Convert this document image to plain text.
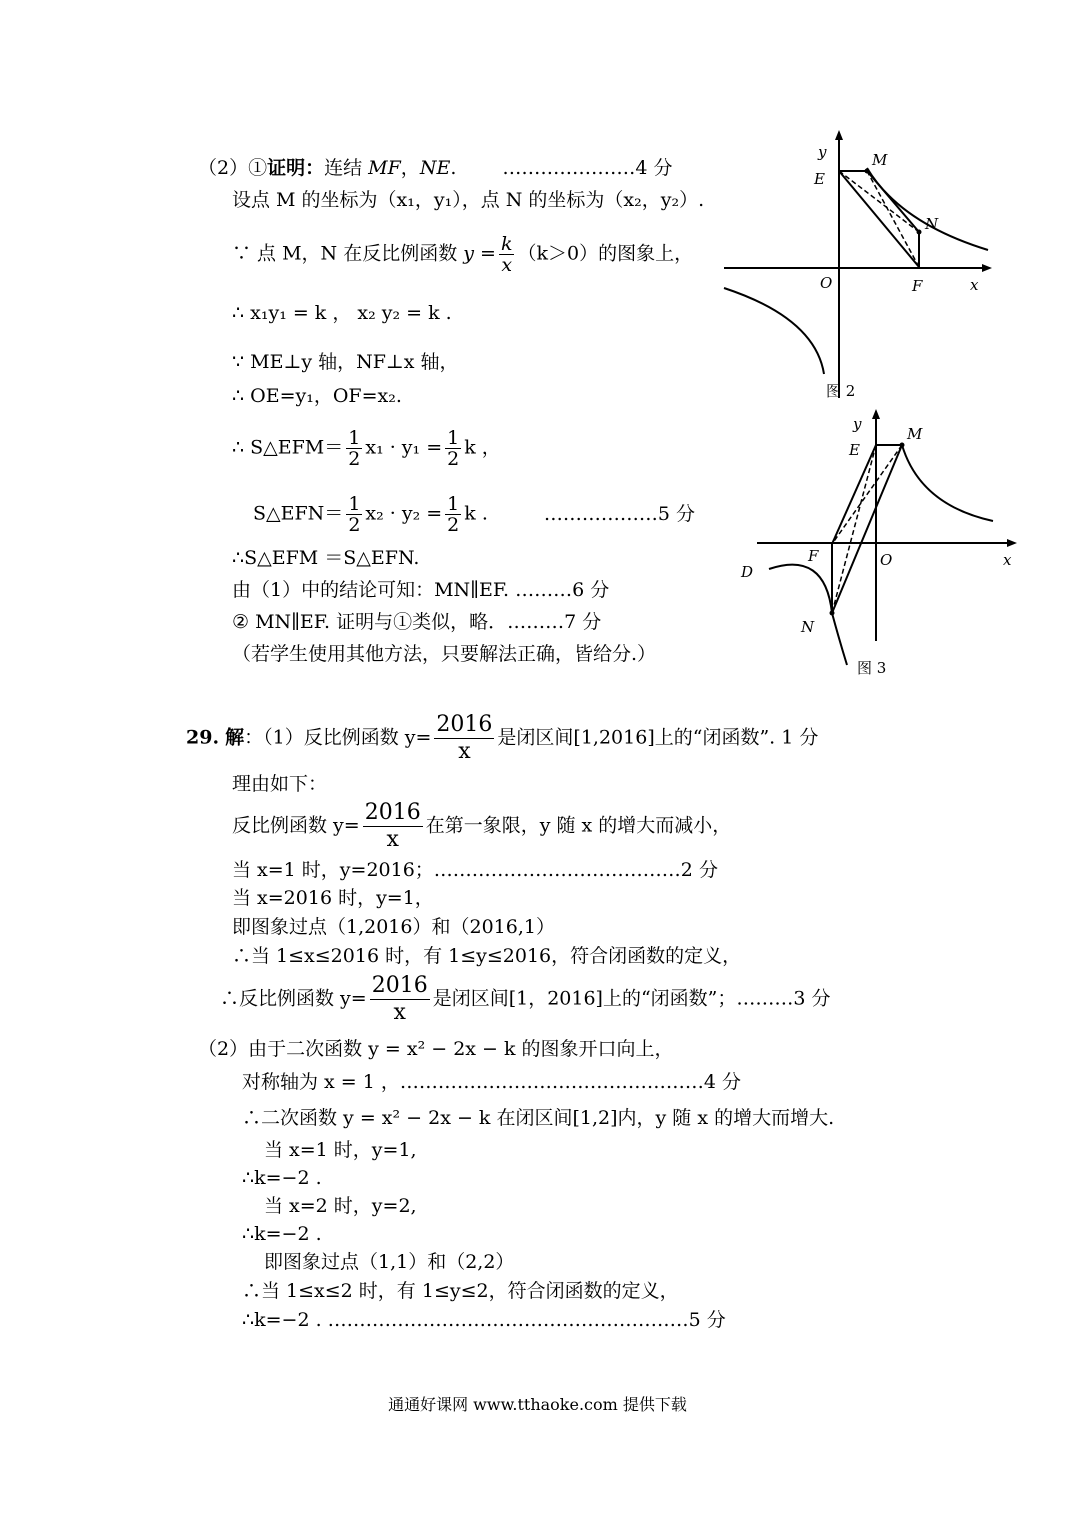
（2）①证明：连结 MF，NE. …………………4 分
设点 M 的坐标为（x₁，y₁），点 N 的坐标为（x₂，y₂）.
∵ 点 M，N 在反比例函数 $y = \frac{k}{x} (k>0)$的图象上，
∴ x₁y₁ = k ， x₂ y₂ = k .
∵ ME⊥y 轴，NF⊥x 轴，
∴ OE=y₁，OF=x₂.
∴ S△EFM＝ $\frac{1}{2} x_1 \cdot y_1 = \frac{1}{2}$ k ，
S△EFN＝ $\frac{1}{2} x_2 \cdot y_2 = \frac{1}{2}$ k .	………………5 分
∴S△EFM ＝S△EFN.
由（1）中的结论可知：MN∥EF. ………6 分
② MN∥EF. 证明与①类似，略．………7 分
（若学生使用其他方法，只要解法正确，皆给分.）
y
x
O
E
M
N
F
图 2
y
x
O
E
M
N
F
D
图 3
29. 解：（1）反比例函数 $y= \frac{2016}{x}$ 是闭区间[1,2016]上的“闭函数”. 1 分
理由如下：
反比例函数 $y= \frac{2016}{x}$ 在第一象限，y 随 x 的增大而减小，
当 x=1 时，y=2016；…………………………………2 分
当 x=2016 时，y=1，
即图象过点（1,2016）和（2016,1）
∴当 1≤x≤2016 时，有 1≤y≤2016，符合闭函数的定义，
∴反比例函数 $y= \frac{2016}{x}$ 是闭区间[1，2016]上的“闭函数”；………3 分
（2）由于二次函数 y = x² − 2x − k 的图象开口向上，
对称轴为 x = 1 ，…………………………………………4 分
∴二次函数 y = x² − 2x − k 在闭区间[1,2]内，y 随 x 的增大而增大.
当 x=1 时，y=1,
∴k=−2 .
当 x=2 时，y=2,
∴k=−2 .
即图象过点（1,1）和（2,2）
∴当 1≤x≤2 时，有 1≤y≤2，符合闭函数的定义，
∴k=−2 . …………………………………………………5 分
通通好课网 www.tthaoke.com 提供下载
